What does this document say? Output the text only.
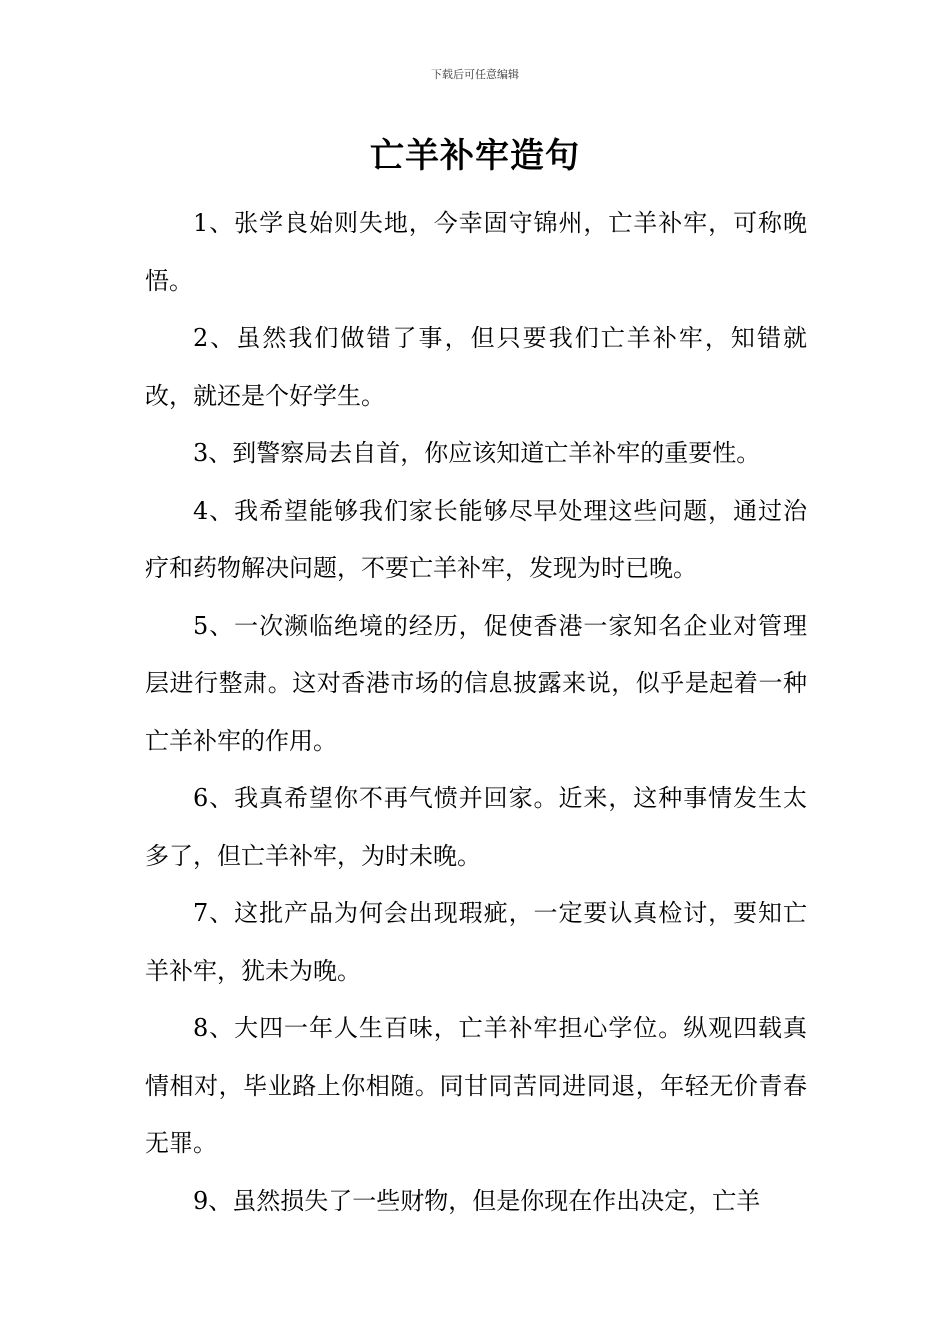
下载后可任意编辑
亡羊补牢造句

1、张学良始则失地，今幸固守锦州，亡羊补牢，可称晚悟。

2、虽然我们做错了事，但只要我们亡羊补牢，知错就改，就还是个好学生。

3、到警察局去自首，你应该知道亡羊补牢的重要性。

4、我希望能够我们家长能够尽早处理这些问题，通过治疗和药物解决问题，不要亡羊补牢，发现为时已晚。

5、一次濒临绝境的经历，促使香港一家知名企业对管理层进行整肃。这对香港市场的信息披露来说，似乎是起着一种亡羊补牢的作用。

6、我真希望你不再气愤并回家。近来，这种事情发生太多了，但亡羊补牢，为时未晚。

7、这批产品为何会出现瑕疵，一定要认真检讨，要知亡羊补牢，犹未为晚。

8、大四一年人生百味，亡羊补牢担心学位。纵观四载真情相对，毕业路上你相随。同甘同苦同进同退，年轻无价青春无罪。

9、虽然损失了一些财物，但是你现在作出决定，亡羊
